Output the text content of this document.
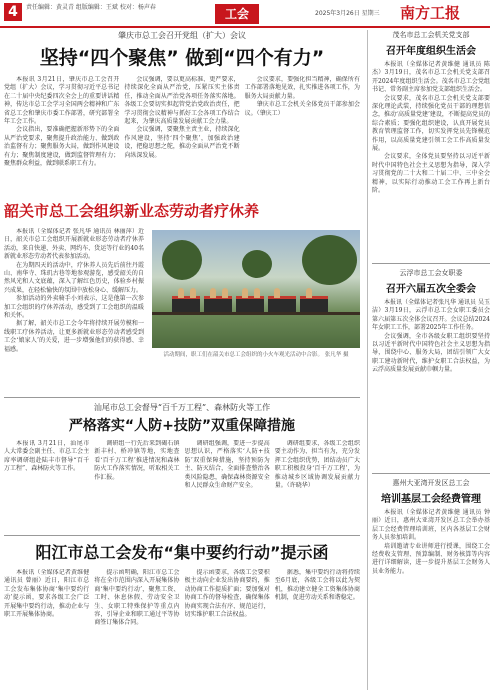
4	责任编辑：黄灵青 组版编辑：王斌 校对：杨声春	工会	2025年3月26日 星期三 南方工报
肇庆市总工会召开党组（扩大）会议
坚持“四个聚焦” 做到“四个有力”

本报讯 3月21日，肇庆市总工会召开党组（扩大）会议，学习贯彻习近平总书记在二十届中央纪委四次全会上的重要讲话精神，传达市总工会学习全国两会精神和广东省总工会和肇庆市委工作部署，研究部署全年工会工作。

会议指出，要准确把握新形势下的全面从严治党要求，聚焦提升政治能力、做到政治监督有力；聚焦服务大局，做到作风建设有力；聚焦制度建设，做到监督管理有力；聚焦群众利益，做到联系职工有力。

会议强调，要以更高标准、更严要求，持续深化全面从严治党，压紧压实主体责任，推动全面从严治党各项任务落实落地。各级工会要切实担起管党治党政治责任，把学习贯彻会议精神与抓好工会各项工作结合起来，为肇庆高质量发展贡献工会力量。

会议强调，要聚焦主责主业，持续深化作风建设，坚持‘四个聚焦’，加强政治建设，把稳思想之舵，推动全面从严治党不断向纵深发展。

会议要求，要强化担当精神，确保所有工作部署落地见效，扎实推进各项工作，为服务大局贡献力量。

肇庆市总工会机关全体党员干部参加会议。（肇庆工）

韶关市总工会组织新业态劳动者疗休养

本报讯（全媒体记者 张凡华 通讯员 林丽萍）近日，韶关市总工会组织开展新就业形态劳动者疗休养活动，来自快递、外卖、网约车、货运等行业的40名新就业形态劳动者代表参加活动。

在为期四天的活动中，疗休养人员先后前往丹霞山、南华寺、珠玑古巷等地参观游览，感受韶关的自然风光和人文底蕴，深入了解红色历史，体验乡村振兴成果，在轻松愉快的氛围中放松身心、缓解压力。

参加活动的外卖骑手小刘表示，这是他第一次参加工会组织的疗休养活动，感受到了工会组织的温暖和关怀。

据了解，韶关市总工会今年将持续开展劳模和一线职工疗休养活动，让更多新就业形态劳动者感受到工会‘娘家人’的关爱，进一步增强他们的获得感、幸福感。

活动期间，职工们在韶关市总工会组织的小火车观光活动中合影。 张凡华 摄
汕尾市总工会督导“百千万工程”、森林防火等工作
严格落实“人防+技防”双重保障措施

本报讯 3月21日，汕尾市人大常委会副主任、市总工会主席率调研组赴陆丰市督导“百千万工程”、森林防火等工作。

调研组一行先后来到碣石镇新丰村、桥冲镇等地，实地查看‘百千万工程’推进情况和森林防火工作落实情况，听取相关工作汇报。

调研组强调，要进一步提高思想认识，严格落实‘人防+技防’双重保障措施，坚持预防为主、防灭结合，全面排查整治各类风险隐患，确保森林资源安全和人民群众生命财产安全。

调研组要求，各级工会组织要主动作为、担当有为，充分发挥工会组织优势，团结动员广大职工积极投身‘百千万工程’，为推动城乡区域协调发展贡献力量。（许晓华）

阳江市总工会发布“集中要约行动”提示函

本报讯（全媒体记者黄维健 通讯员 曾丽）近日，阳江市总工会发布集体协商‘集中要约行动’提示函，要求各级工会广泛开展集中要约行动，推动企业与职工开展集体协商。

提示函明确，阳江市总工会将在全市范围内深入开展集体协商‘集中要约行动’，聚焦工资、工时、休息休假、劳动安全卫生、女职工特殊保护等重点内容，引导企业和职工通过平等协商签订集体合同。

提示函要求，各级工会要积极主动向企业发出协商要约，推动协商工作提质扩面；要加强对协商工作的督导检查，确保集体协商实现合法有序、规范运行，切实维护职工合法权益。

据悉，集中要约行动将持续至6月底，各级工会将以此为契机，推动建立健全工资集体协商机制，促进劳动关系和谐稳定。

茂名市总工会机关党支部
召开年度组织生活会

本报讯（全媒体记者黄维健 通讯员 陈杰）3月19日，茂名市总工会机关党支部召开2024年度组织生活会。茂名市总工会党组书记、常务副主席参加党支部组织生活会。

会议要求，茂名市总工会机关党支部要深化理论武装，持续强化党员干部的理想信念，推动‘高质量党建’建设，不断提高党员的综合素质；要强化组织建设，认真开展党员教育管理监督工作，切实发挥党员先锋模范作用，以高质量党建引领工会工作高质量发展。

会议要求，全体党员要坚持以习近平新时代中国特色社会主义思想为指导，深入学习贯彻党的二十大和二十届二中、三中全会精神，以实际行动推动工会工作再上新台阶。

云浮市总工会女职委
召开六届五次全委会

本报讯（全媒体记者张凡华 通讯员 吴玉洁）3月19日，云浮市总工会女职工委员会第六届第五次全体会议召开。会议总结2024年女职工工作，部署2025年工作任务。

会议强调，全市各级女职工组织要坚持以习近平新时代中国特色社会主义思想为指导，围绕中心、服务大局，团结引领广大女职工建功新时代，维护女职工合法权益，为云浮高质量发展贡献巾帼力量。

惠州大亚湾开发区总工会
培训基层工会经费管理

本报讯（全媒体记者黄维健 通讯员 钟丽）近日，惠州大亚湾开发区总工会举办基层工会经费管理培训班，区内各基层工会财务人员参加培训。

培训邀请专业讲师进行授课，围绕工会经费收支管理、预算编制、财务核算等内容进行详细解读，进一步提升基层工会财务人员业务能力。
